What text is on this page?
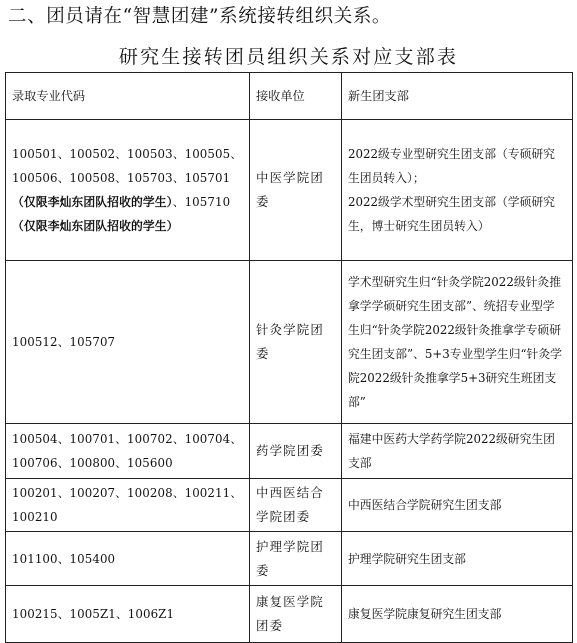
二、团员请在“智慧团建”系统接转组织关系。
研究生接转团员组织关系对应支部表
录取专业代码	接收单位	新生团支部
100501、100502、100503、100505、100506、100508、105703、105701（仅限李灿东团队招收的学生）、105710（仅限李灿东团队招收的学生）	中医学院团委	2022级专业型研究生团支部（专硕研究生团员转入）；
2022级学术型研究生团支部（学硕研究生，博士研究生团员转入）

100512、105707	针灸学院团委	学术型研究生归“针灸学院2022级针灸推拿学学硕研究生团支部”、统招专业型学生归“针灸学院2022级针灸推拿学专硕研究生团支部”、5+3专业型学生归“针灸学院2022级针灸推拿学5+3研究生班团支部”

100504、100701、100702、100704、100706、100800、105600	药学院团委	福建中医药大学药学院2022级研究生团支部

100201、100207、100208、100211、100210	中西医结合学院团委	中西医结合学院研究生团支部

101100、105400	护理学院团委	护理学院研究生团支部

100215、1005Z1、1006Z1	康复医学院团委	康复医学院康复研究生团支部
